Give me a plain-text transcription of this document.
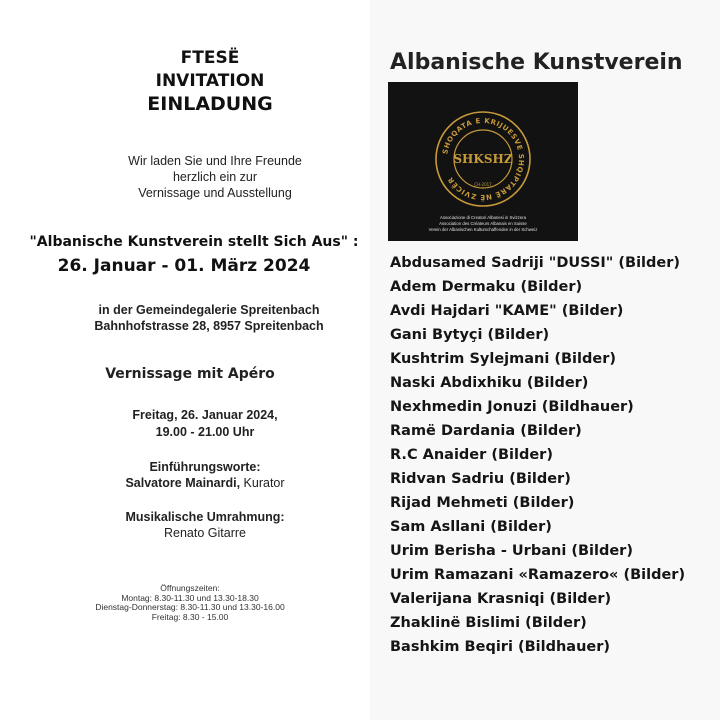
FTESË
INVITATION
EINLADUNG
Wir laden Sie und Ihre Freunde
herzlich ein zur
Vernissage und Ausstellung
"Albanische Kunstverein stellt Sich Aus" :
26. Januar - 01. März 2024
in der Gemeindegalerie Spreitenbach
Bahnhofstrasse 28, 8957 Spreitenbach
Vernissage mit Apéro
Freitag, 26. Januar 2024,
19.00 - 21.00 Uhr
Einführungsworte:
Salvatore Mainardi, Kurator
Musikalische Umrahmung:
Renato Gitarre
Öffnungszeiten:
Montag: 8.30-11.30 und 13.30-18.30
Dienstag-Donnerstag: 8.30-11.30 und 13.30-16.00
Freitag: 8.30 - 15.00
Albanische Kunstverein
SHOQATA E KRIJUESVE SHQIPTARË NË ZVICËR
SHKSHZ
CH-2017
Associazione di Creatori Albanesi in Svizzera
Association des Créateurs Albanais en Suisse
Verein der Albanischen Kulturschaffenden in der Schweiz
Abdusamed Sadriji "DUSSI" (Bilder)
Adem Dermaku (Bilder)
Avdi Hajdari "KAME" (Bilder)
Gani Bytyçi (Bilder)
Kushtrim Sylejmani (Bilder)
Naski Abdixhiku (Bilder)
Nexhmedin Jonuzi (Bildhauer)
Ramë Dardania (Bilder)
R.C Anaider (Bilder)
Ridvan Sadriu (Bilder)
Rijad Mehmeti (Bilder)
Sam Asllani (Bilder)
Urim Berisha - Urbani (Bilder)
Urim Ramazani «Ramazero« (Bilder)
Valerijana Krasniqi (Bilder)
Zhaklinë Bislimi (Bilder)
Bashkim Beqiri (Bildhauer)
